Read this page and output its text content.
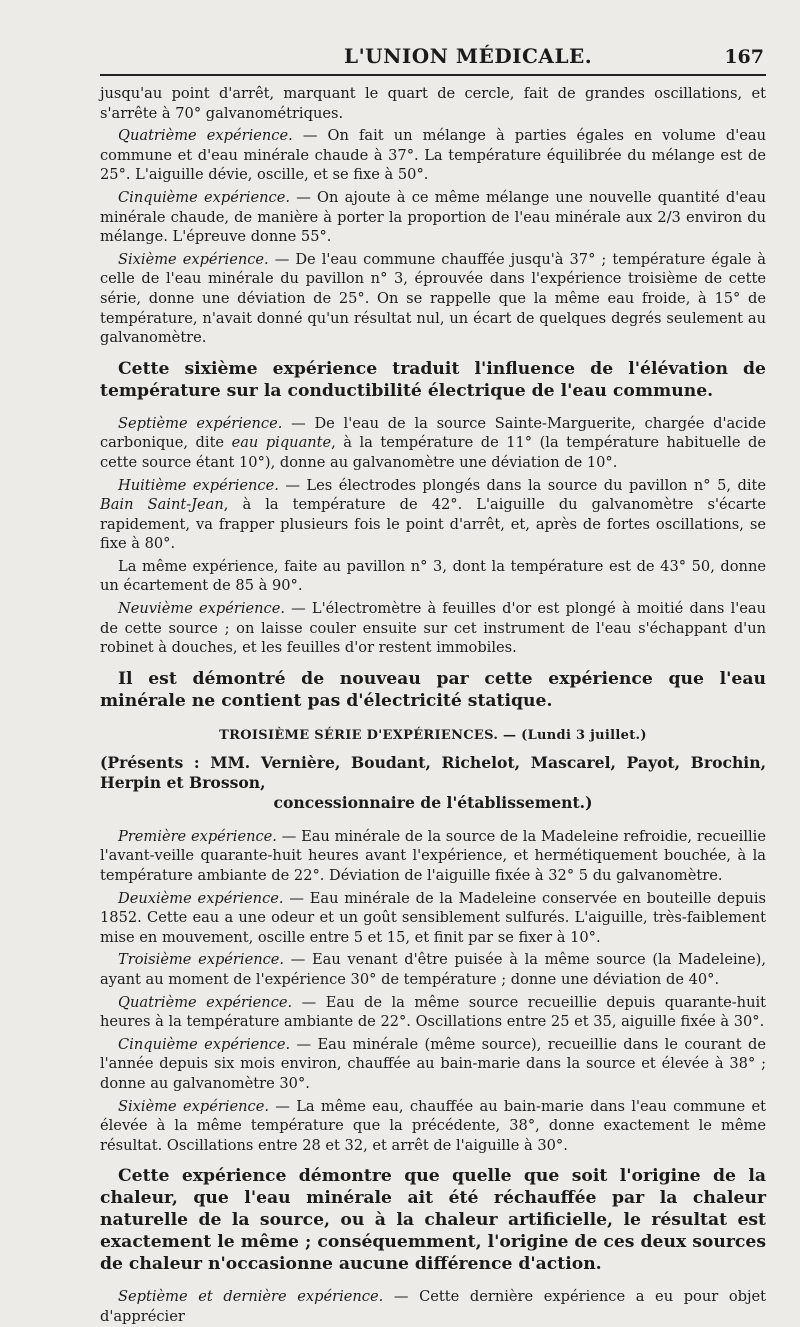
L'UNION MÉDICALE.	167

jusqu'au point d'arrêt, marquant le quart de cercle, fait de grandes oscillations, et s'arrête à 70° galvanométriques.

Quatrième expérience. — On fait un mélange à parties égales en volume d'eau commune et d'eau minérale chaude à 37°. La température équilibrée du mélange est de 25°. L'aiguille dévie, oscille, et se fixe à 50°.

Cinquième expérience. — On ajoute à ce même mélange une nouvelle quantité d'eau minérale chaude, de manière à porter la proportion de l'eau minérale aux 2/3 environ du mélange. L'épreuve donne 55°.

Sixième expérience. — De l'eau commune chauffée jusqu'à 37° ; température égale à celle de l'eau minérale du pavillon n° 3, éprouvée dans l'expérience troisième de cette série, donne une déviation de 25°. On se rappelle que la même eau froide, à 15° de température, n'avait donné qu'un résultat nul, un écart de quelques degrés seulement au galvanomètre.

Cette sixième expérience traduit l'influence de l'élévation de température sur la conductibilité électrique de l'eau commune.

Septième expérience. — De l'eau de la source Sainte-Marguerite, chargée d'acide carbonique, dite eau piquante, à la température de 11° (la température habituelle de cette source étant 10°), donne au galvanomètre une déviation de 10°.

Huitième expérience. — Les électrodes plongés dans la source du pavillon n° 5, dite Bain Saint-Jean, à la température de 42°. L'aiguille du galvanomètre s'écarte rapidement, va frapper plusieurs fois le point d'arrêt, et, après de fortes oscillations, se fixe à 80°.

La même expérience, faite au pavillon n° 3, dont la température est de 43° 50, donne un écartement de 85 à 90°.

Neuvième expérience. — L'électromètre à feuilles d'or est plongé à moitié dans l'eau de cette source ; on laisse couler ensuite sur cet instrument de l'eau s'échappant d'un robinet à douches, et les feuilles d'or restent immobiles.

Il est démontré de nouveau par cette expérience que l'eau minérale ne contient pas d'électricité statique.

TROISIÈME SÉRIE D'EXPÉRIENCES. — (Lundi 3 juillet.)

(Présents : MM. Vernière, Boudant, Richelot, Mascarel, Payot, Brochin, Herpin et Brosson,
concessionnaire de l'établissement.)

Première expérience. — Eau minérale de la source de la Madeleine refroidie, recueillie l'avant-veille quarante-huit heures avant l'expérience, et hermétiquement bouchée, à la température ambiante de 22°. Déviation de l'aiguille fixée à 32° 5 du galvanomètre.

Deuxième expérience. — Eau minérale de la Madeleine conservée en bouteille depuis 1852. Cette eau a une odeur et un goût sensiblement sulfurés. L'aiguille, très-faiblement mise en mouvement, oscille entre 5 et 15, et finit par se fixer à 10°.

Troisième expérience. — Eau venant d'être puisée à la même source (la Madeleine), ayant au moment de l'expérience 30° de température ; donne une déviation de 40°.

Quatrième expérience. — Eau de la même source recueillie depuis quarante-huit heures à la température ambiante de 22°. Oscillations entre 25 et 35, aiguille fixée à 30°.

Cinquième expérience. — Eau minérale (même source), recueillie dans le courant de l'année depuis six mois environ, chauffée au bain-marie dans la source et élevée à 38° ; donne au galvanomètre 30°.

Sixième expérience. — La même eau, chauffée au bain-marie dans l'eau commune et élevée à la même température que la précédente, 38°, donne exactement le même résultat. Oscillations entre 28 et 32, et arrêt de l'aiguille à 30°.

Cette expérience démontre que quelle que soit l'origine de la chaleur, que l'eau minérale ait été réchauffée par la chaleur naturelle de la source, ou à la chaleur artificielle, le résultat est exactement le même ; conséquemment, l'origine de ces deux sources de chaleur n'occasionne aucune différence d'action.

Septième et dernière expérience. — Cette dernière expérience a eu pour objet d'apprécier
